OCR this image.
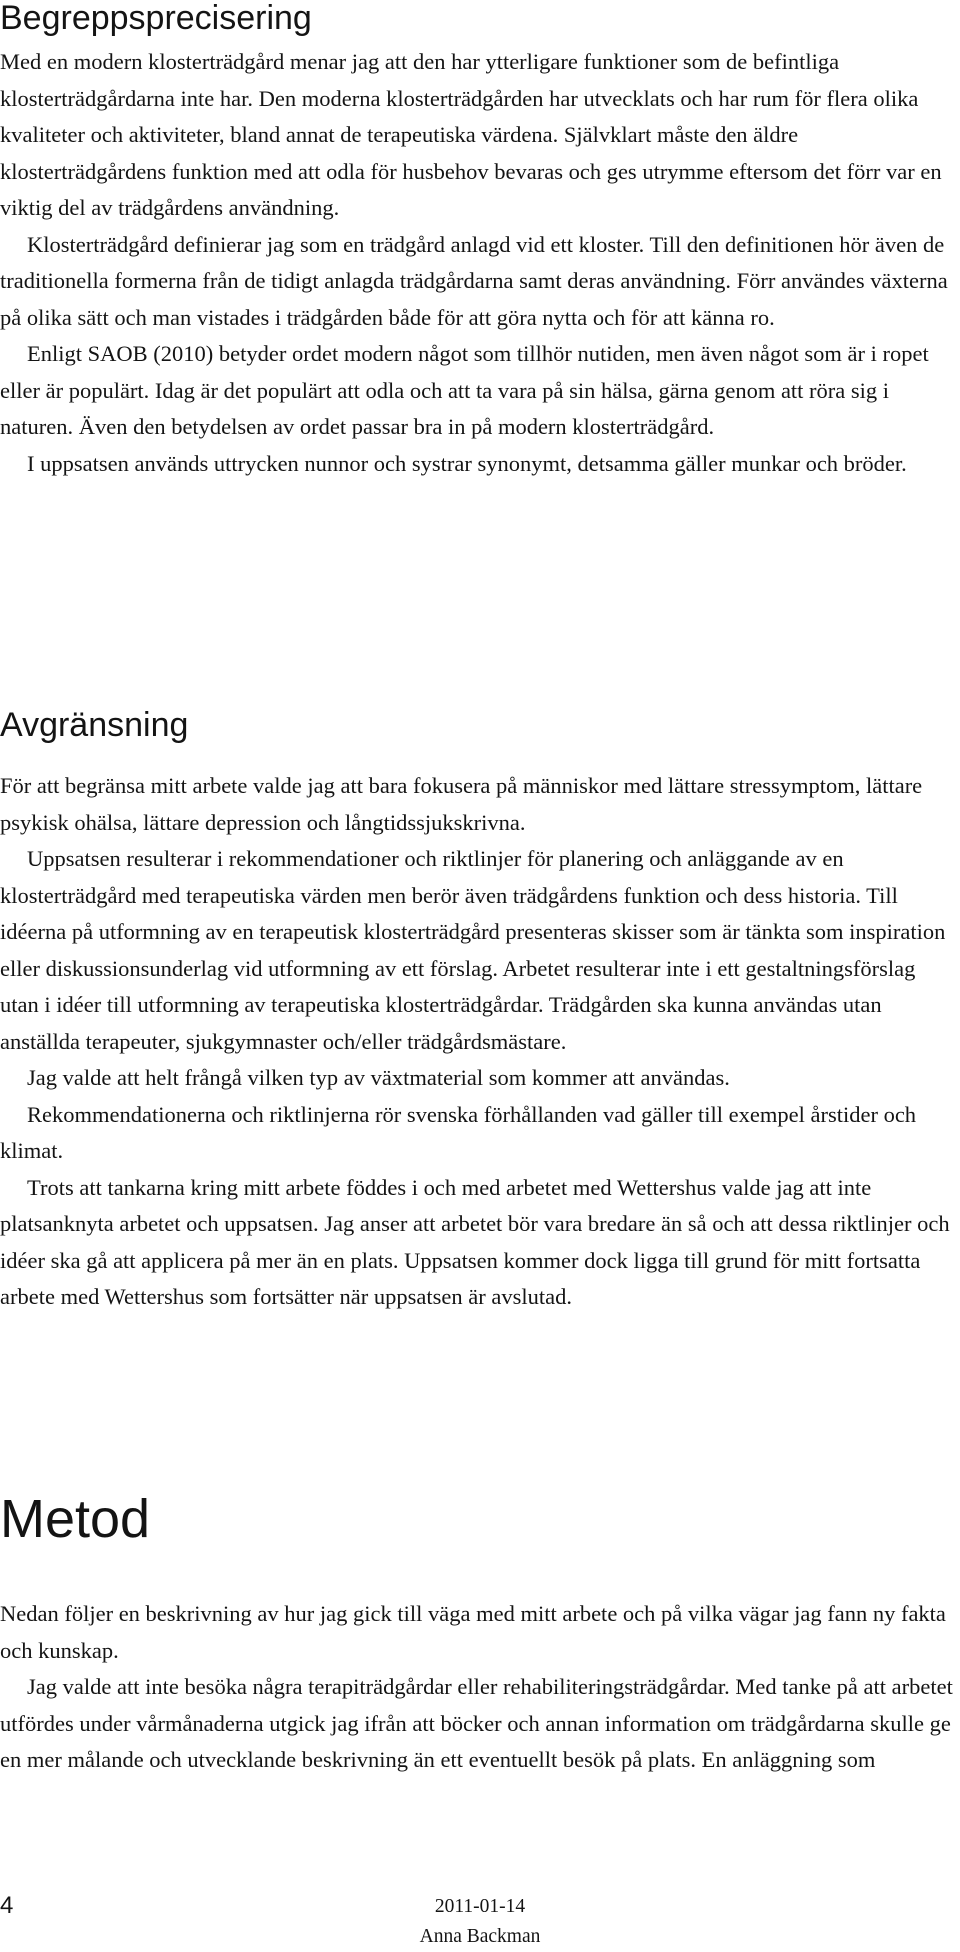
Begreppsprecisering

Med en modern klosterträdgård menar jag att den har ytterligare funktioner som de befintliga klosterträdgårdarna inte har. Den moderna klosterträdgården har utvecklats och har rum för flera olika kvaliteter och aktiviteter, bland annat de terapeutiska värdena. Självklart måste den äldre klosterträdgårdens funktion med att odla för husbehov bevaras och ges utrymme eftersom det förr var en viktig del av trädgårdens användning.

Klosterträdgård definierar jag som en trädgård anlagd vid ett kloster. Till den definitionen hör även de traditionella formerna från de tidigt anlagda trädgårdarna samt deras användning. Förr användes växterna på olika sätt och man vistades i trädgården både för att göra nytta och för att känna ro.

Enligt SAOB (2010) betyder ordet modern något som tillhör nutiden, men även något som är i ropet eller är populärt. Idag är det populärt att odla och att ta vara på sin hälsa, gärna genom att röra sig i naturen. Även den betydelsen av ordet passar bra in på modern klosterträdgård.

I uppsatsen används uttrycken nunnor och systrar synonymt, detsamma gäller munkar och bröder.

Avgränsning

För att begränsa mitt arbete valde jag att bara fokusera på människor med lättare stressymptom, lättare psykisk ohälsa, lättare depression och långtidssjukskrivna.

Uppsatsen resulterar i rekommendationer och riktlinjer för planering och anläggande av en klosterträdgård med terapeutiska värden men berör även trädgårdens funktion och dess historia. Till idéerna på utformning av en terapeutisk klosterträdgård presenteras skisser som är tänkta som inspiration eller diskussionsunderlag vid utformning av ett förslag. Arbetet resulterar inte i ett gestaltningsförslag utan i idéer till utformning av terapeutiska klosterträdgårdar. Trädgården ska kunna användas utan anställda terapeuter, sjukgymnaster och/eller trädgårdsmästare.

Jag valde att helt frångå vilken typ av växtmaterial som kommer att användas.

Rekommendationerna och riktlinjerna rör svenska förhållanden vad gäller till exempel årstider och klimat.

Trots att tankarna kring mitt arbete föddes i och med arbetet med Wettershus valde jag att inte platsanknyta arbetet och uppsatsen. Jag anser att arbetet bör vara bredare än så och att dessa riktlinjer och idéer ska gå att applicera på mer än en plats. Uppsatsen kommer dock ligga till grund för mitt fortsatta arbete med Wettershus som fortsätter när uppsatsen är avslutad.

Metod

Nedan följer en beskrivning av hur jag gick till väga med mitt arbete och på vilka vägar jag fann ny fakta och kunskap.

Jag valde att inte besöka några terapiträdgårdar eller rehabiliteringsträdgårdar. Med tanke på att arbetet utfördes under vårmånaderna utgick jag ifrån att böcker och annan information om trädgårdarna skulle ge en mer målande och utvecklande beskrivning än ett eventuellt besök på plats. En anläggning som

4	2011-01-14
Anna Backman
